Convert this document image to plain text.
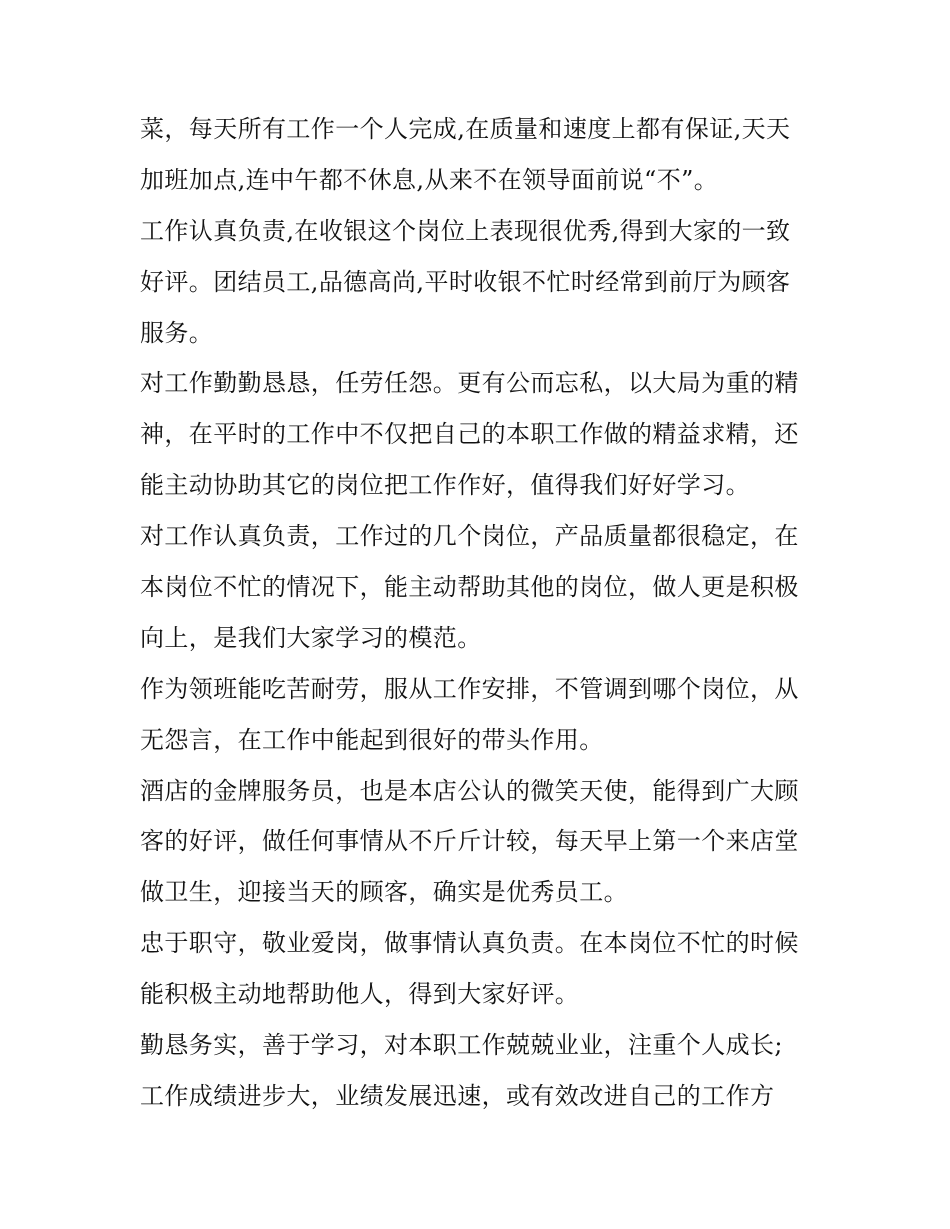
菜，每天所有工作一个人完成,在质量和速度上都有保证,天天
加班加点,连中午都不休息,从来不在领导面前说“不”。
工作认真负责,在收银这个岗位上表现很优秀,得到大家的一致
好评。团结员工,品德高尚,平时收银不忙时经常到前厅为顾客
服务。
对工作勤勤恳恳，任劳任怨。更有公而忘私，以大局为重的精
神，在平时的工作中不仅把自己的本职工作做的精益求精，还
能主动协助其它的岗位把工作作好，值得我们好好学习。
对工作认真负责，工作过的几个岗位，产品质量都很稳定，在
本岗位不忙的情况下，能主动帮助其他的岗位，做人更是积极
向上，是我们大家学习的模范。
作为领班能吃苦耐劳，服从工作安排，不管调到哪个岗位，从
无怨言，在工作中能起到很好的带头作用。
酒店的金牌服务员，也是本店公认的微笑天使，能得到广大顾
客的好评，做任何事情从不斤斤计较，每天早上第一个来店堂
做卫生，迎接当天的顾客，确实是优秀员工。
忠于职守，敬业爱岗，做事情认真负责。在本岗位不忙的时候
能积极主动地帮助他人，得到大家好评。
勤恳务实，善于学习，对本职工作兢兢业业，注重个人成长;
工作成绩进步大，业绩发展迅速，或有效改进自己的工作方
